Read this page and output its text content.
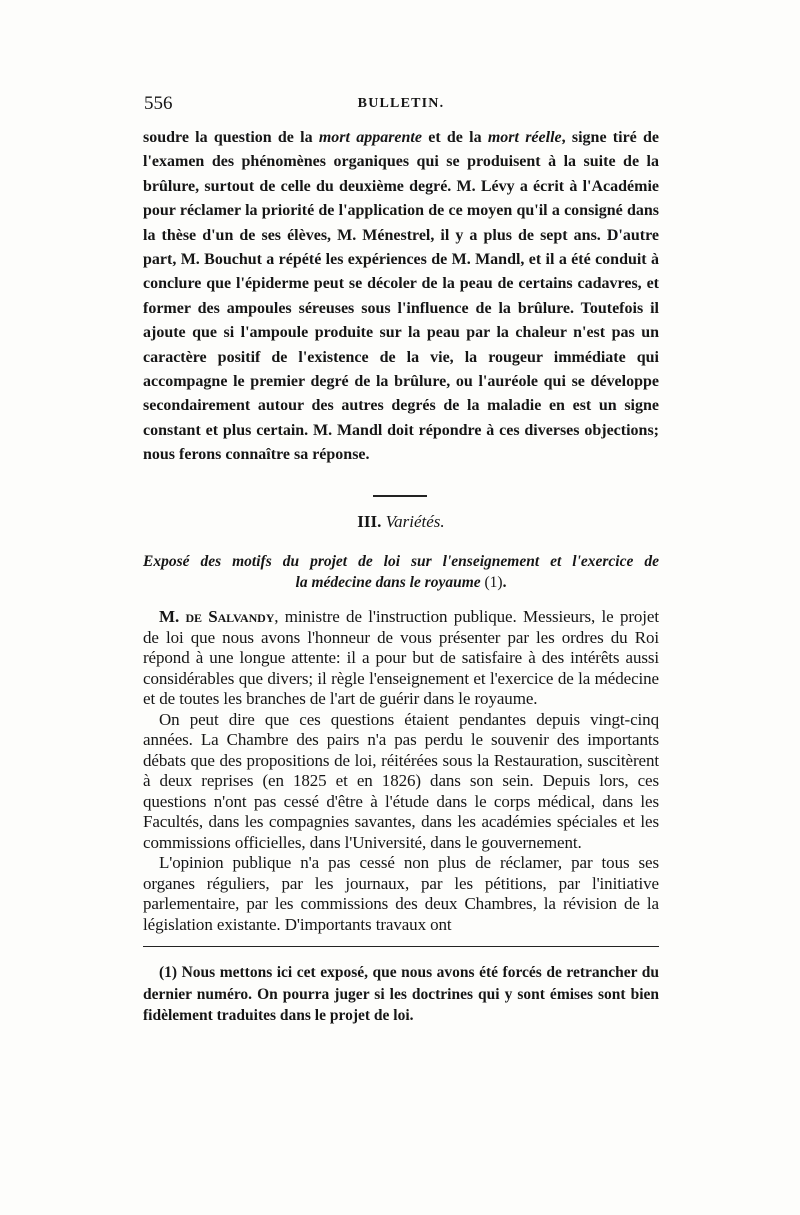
556	BULLETIN.
soudre la question de la mort apparente et de la mort réelle, signe tiré de l'examen des phénomènes organiques qui se produisent à la suite de la brûlure, surtout de celle du deuxième degré. M. Lévy a écrit à l'Académie pour réclamer la priorité de l'application de ce moyen qu'il a consigné dans la thèse d'un de ses élèves, M. Ménestrel, il y a plus de sept ans. D'autre part, M. Bouchut a répété les expériences de M. Mandl, et il a été conduit à conclure que l'épiderme peut se décoler de la peau de certains cadavres, et former des ampoules séreuses sous l'influence de la brûlure. Toutefois il ajoute que si l'ampoule produite sur la peau par la chaleur n'est pas un caractère positif de l'existence de la vie, la rougeur immédiate qui accompagne le premier degré de la brûlure, ou l'auréole qui se développe secondairement autour des autres degrés de la maladie en est un signe constant et plus certain. M. Mandl doit répondre à ces diverses objections; nous ferons connaître sa réponse.
III. Variétés.
Exposé des motifs du projet de loi sur l'enseignement et l'exercice de
la médecine dans le royaume (1).

M. de Salvandy, ministre de l'instruction publique. Messieurs, le projet de loi que nous avons l'honneur de vous présenter par les ordres du Roi répond à une longue attente: il a pour but de satisfaire à des intérêts aussi considérables que divers; il règle l'enseignement et l'exercice de la médecine et de toutes les branches de l'art de guérir dans le royaume.

On peut dire que ces questions étaient pendantes depuis vingt-cinq années. La Chambre des pairs n'a pas perdu le souvenir des importants débats que des propositions de loi, réitérées sous la Restauration, suscitèrent à deux reprises (en 1825 et en 1826) dans son sein. Depuis lors, ces questions n'ont pas cessé d'être à l'étude dans le corps médical, dans les Facultés, dans les compagnies savantes, dans les académies spéciales et les commissions officielles, dans l'Université, dans le gouvernement.

L'opinion publique n'a pas cessé non plus de réclamer, par tous ses organes réguliers, par les journaux, par les pétitions, par l'initiative parlementaire, par les commissions des deux Chambres, la révision de la législation existante. D'importants travaux ont

(1) Nous mettons ici cet exposé, que nous avons été forcés de retrancher du dernier numéro. On pourra juger si les doctrines qui y sont émises sont bien fidèlement traduites dans le projet de loi.
